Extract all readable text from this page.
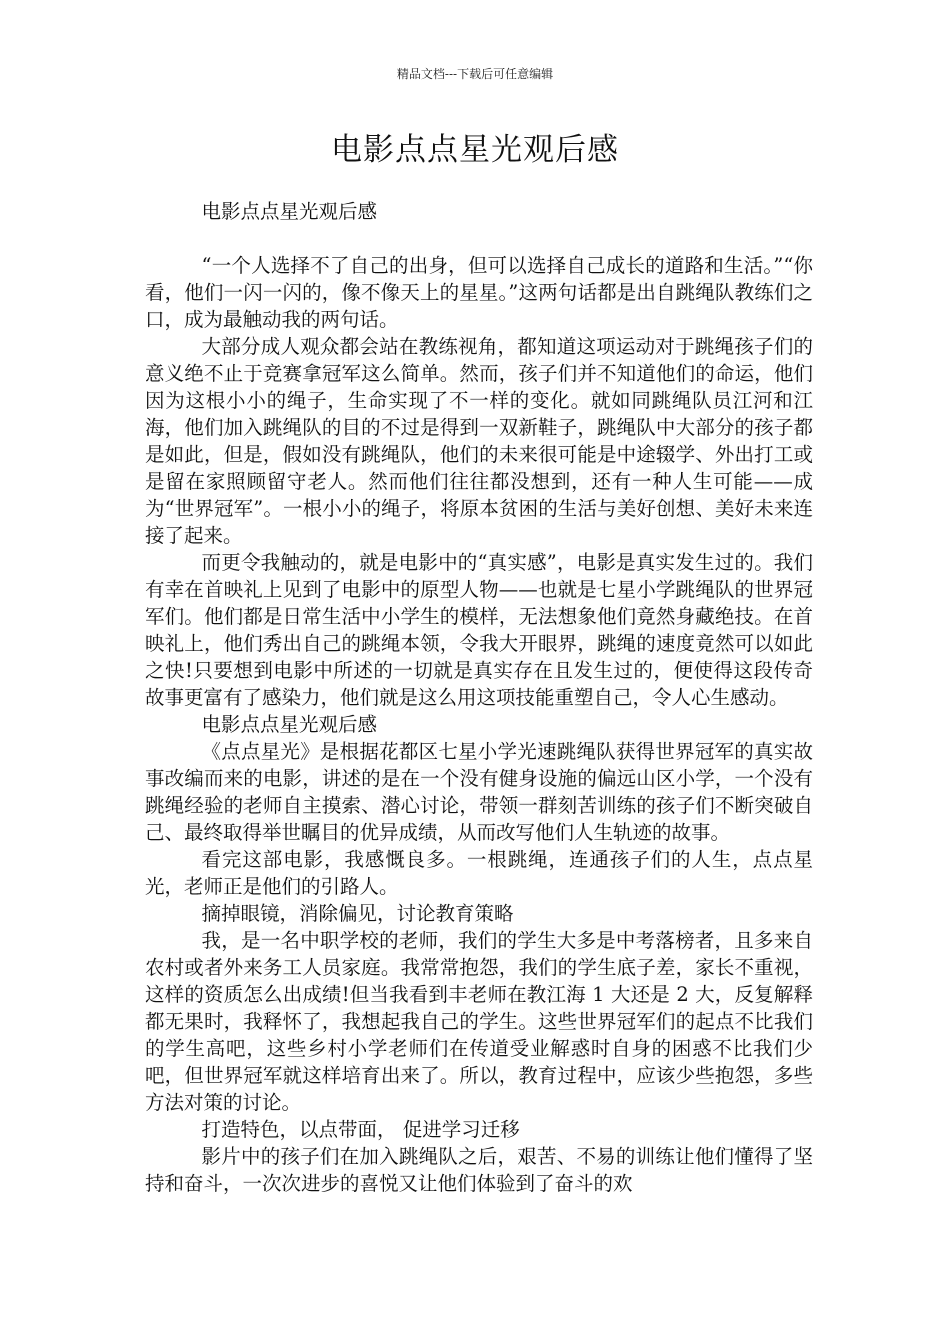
精品文档---下载后可任意编辑
电影点点星光观后感

电影点点星光观后感

“一个人选择不了自己的出身，但可以选择自己成长的道路和生活。”“你看，他们一闪一闪的，像不像天上的星星。”这两句话都是出自跳绳队教练们之口，成为最触动我的两句话。

大部分成人观众都会站在教练视角，都知道这项运动对于跳绳孩子们的意义绝不止于竞赛拿冠军这么简单。然而，孩子们并不知道他们的命运，他们因为这根小小的绳子，生命实现了不一样的变化。就如同跳绳队员江河和江海，他们加入跳绳队的目的不过是得到一双新鞋子，跳绳队中大部分的孩子都是如此，但是，假如没有跳绳队，他们的未来很可能是中途辍学、外出打工或是留在家照顾留守老人。然而他们往往都没想到，还有一种人生可能——成为“世界冠军”。一根小小的绳子，将原本贫困的生活与美好创想、美好未来连接了起来。

而更令我触动的，就是电影中的“真实感”，电影是真实发生过的。我们有幸在首映礼上见到了电影中的原型人物——也就是七星小学跳绳队的世界冠军们。他们都是日常生活中小学生的模样，无法想象他们竟然身藏绝技。在首映礼上，他们秀出自己的跳绳本领，令我大开眼界，跳绳的速度竟然可以如此之快!只要想到电影中所述的一切就是真实存在且发生过的，便使得这段传奇故事更富有了感染力，他们就是这么用这项技能重塑自己，令人心生感动。

电影点点星光观后感

《点点星光》是根据花都区七星小学光速跳绳队获得世界冠军的真实故事改编而来的电影，讲述的是在一个没有健身设施的偏远山区小学，一个没有跳绳经验的老师自主摸索、潜心讨论，带领一群刻苦训练的孩子们不断突破自己、最终取得举世瞩目的优异成绩，从而改写他们人生轨迹的故事。

看完这部电影，我感慨良多。一根跳绳，连通孩子们的人生，点点星光，老师正是他们的引路人。

摘掉眼镜，消除偏见，讨论教育策略

我，是一名中职学校的老师，我们的学生大多是中考落榜者，且多来自农村或者外来务工人员家庭。我常常抱怨，我们的学生底子差，家长不重视，这样的资质怎么出成绩!但当我看到丰老师在教江海 1 大还是 2 大，反复解释都无果时，我释怀了，我想起我自己的学生。这些世界冠军们的起点不比我们的学生高吧，这些乡村小学老师们在传道受业解惑时自身的困惑不比我们少吧，但世界冠军就这样培育出来了。所以，教育过程中，应该少些抱怨，多些方法对策的讨论。

打造特色，以点带面， 促进学习迁移

影片中的孩子们在加入跳绳队之后，艰苦、不易的训练让他们懂得了坚持和奋斗，一次次进步的喜悦又让他们体验到了奋斗的欢
